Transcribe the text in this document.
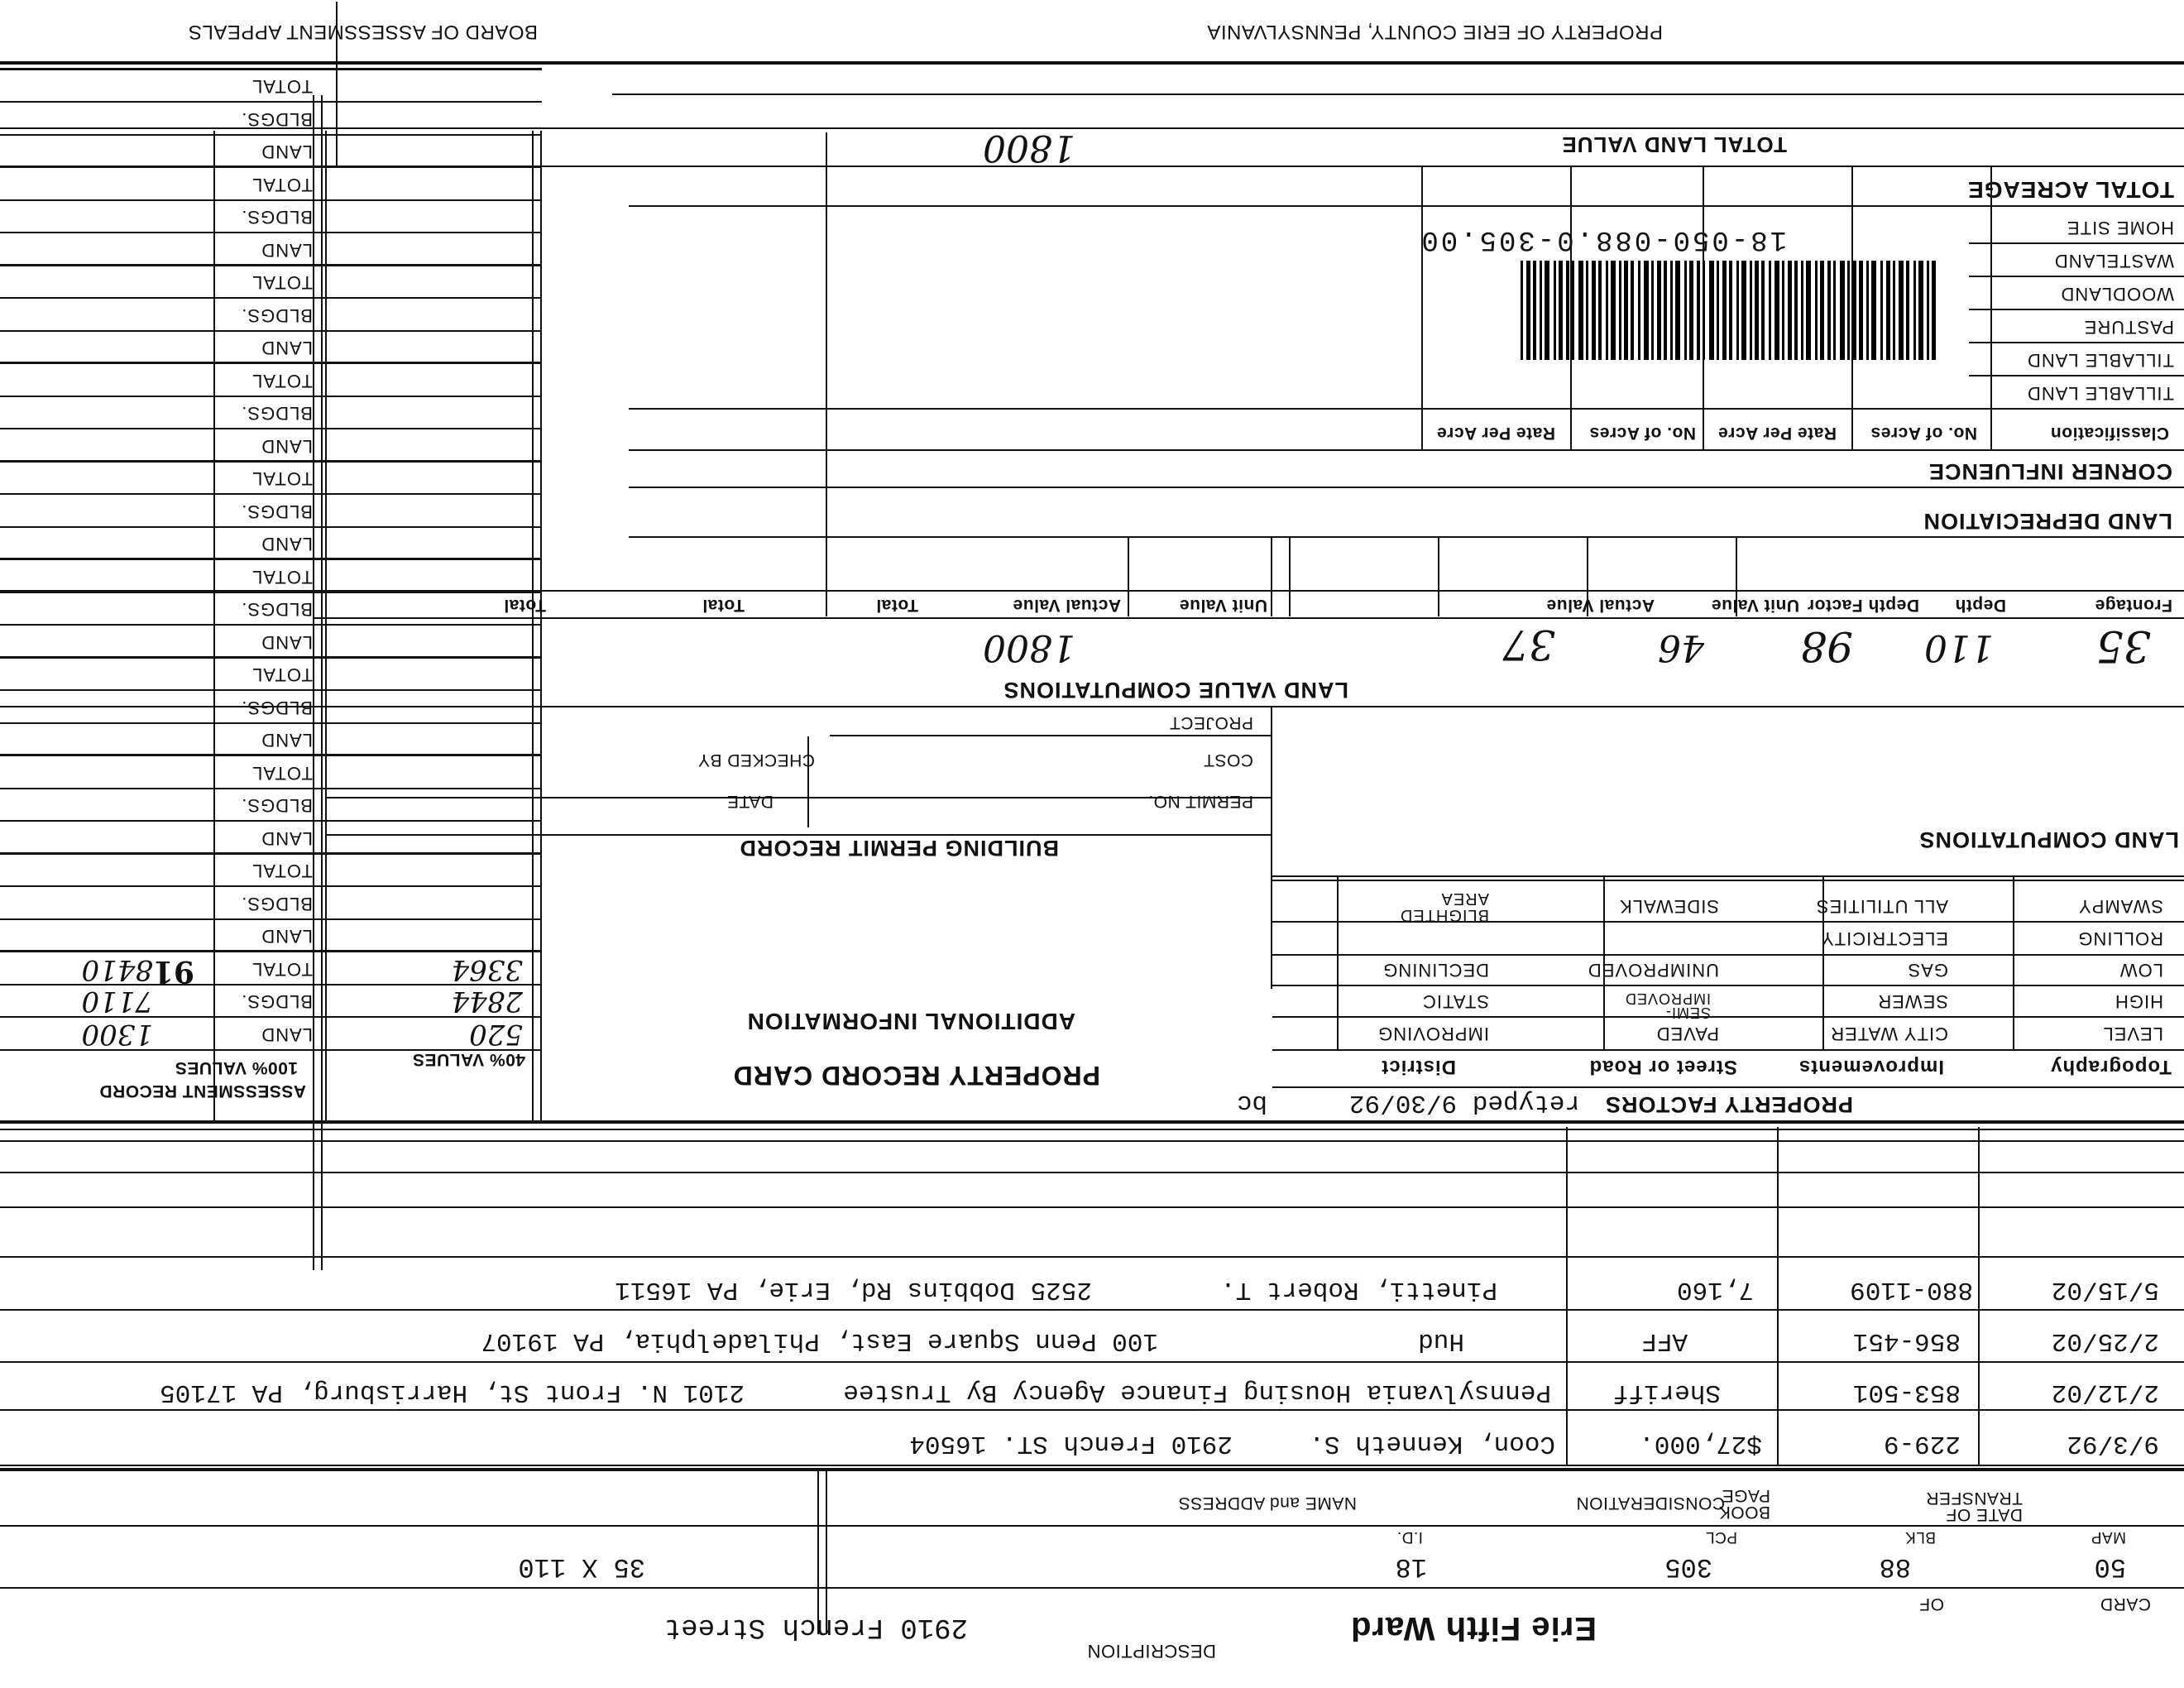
PROPERTY OF ERIE COUNTY, PENNSYLVANIA
BOARD OF ASSESSMENT APPEALS
TOTAL ACREAGE
TOTAL LAND VALUE
1800
HOME SITE
WASTELAND
WOODLAND
PASTURE
TILLABLE LAND
TILLABLE LAND
Classification
No. of Acres
Rate Per Acre
No. of Acres
Rate Per Acre
18-050-088.0-305.00
CORNER INFLUENCE
LAND DEPRECIATION
Frontage
Depth
Depth Factor
Unit Value
Actual Value
Unit Value
Actual Value
Total
Total
Total
35
110
98
46
37
1800
LAND VALUE COMPUTATIONS
LAND COMPUTATIONS
PROJECT
COST
CHECKED BY
PERMIT NO.
DATE
BUILDING PERMIT RECORD
SWAMPY
ROLLING
LOW
HIGH
LEVEL
ALL UTILITIES
ELECTRICITY
GAS
SEWER
CITY WATER
SIDEWALK
UNIMPROVED
SEMI-IMPROVED
PAVED
BLIGHTED AREA
DECLINING
STATIC
IMPROVING
Topography
Improvements
Street or Road
District
PROPERTY FACTORS
retyped 9/30/92
bc
PROPERTY RECORD CARD
ADDITIONAL INFORMATION
40% VALUES
ASSESSMENT RECORD
100% VALUES
LAND
BLDGS.
TOTAL
LAND
BLDGS.
TOTAL
LAND
BLDGS.
TOTAL
LAND
BLDGS.
TOTAL
LAND
BLDGS.
TOTAL
LAND
BLDGS.
TOTAL
LAND
BLDGS.
TOTAL
LAND
BLDGS.
TOTAL
LAND
BLDGS.
TOTAL
LAND
BLDGS.
TOTAL
520
2844
3364
1300
7110
8410 91
DATE OF TRANSFER
BOOK PAGE
CONSIDERATION
NAME and ADDRESS
9/3/92
229-9
$27,000.
Coon, Kenneth S.
2910 French ST. 16504
2/12/02
853-501
Sheriff
Pennsylvania Housing Finance Agency By Trustee
2101 N. Front St, Harrisburg, PA 17105
2/25/02
856-451
AFF
Hud
100 Penn Square East, Philadelphia, PA 19107
5/15/02
880-1109
7,160
Pinetti, Robert T.
2525 Dobbins Rd, Erie, PA 16511
MAP
50
BLK
88
PCL
305
I.D.
18
35 X 110
CARD
OF
Erie Fifth Ward
DESCRIPTION
2910 French Street
